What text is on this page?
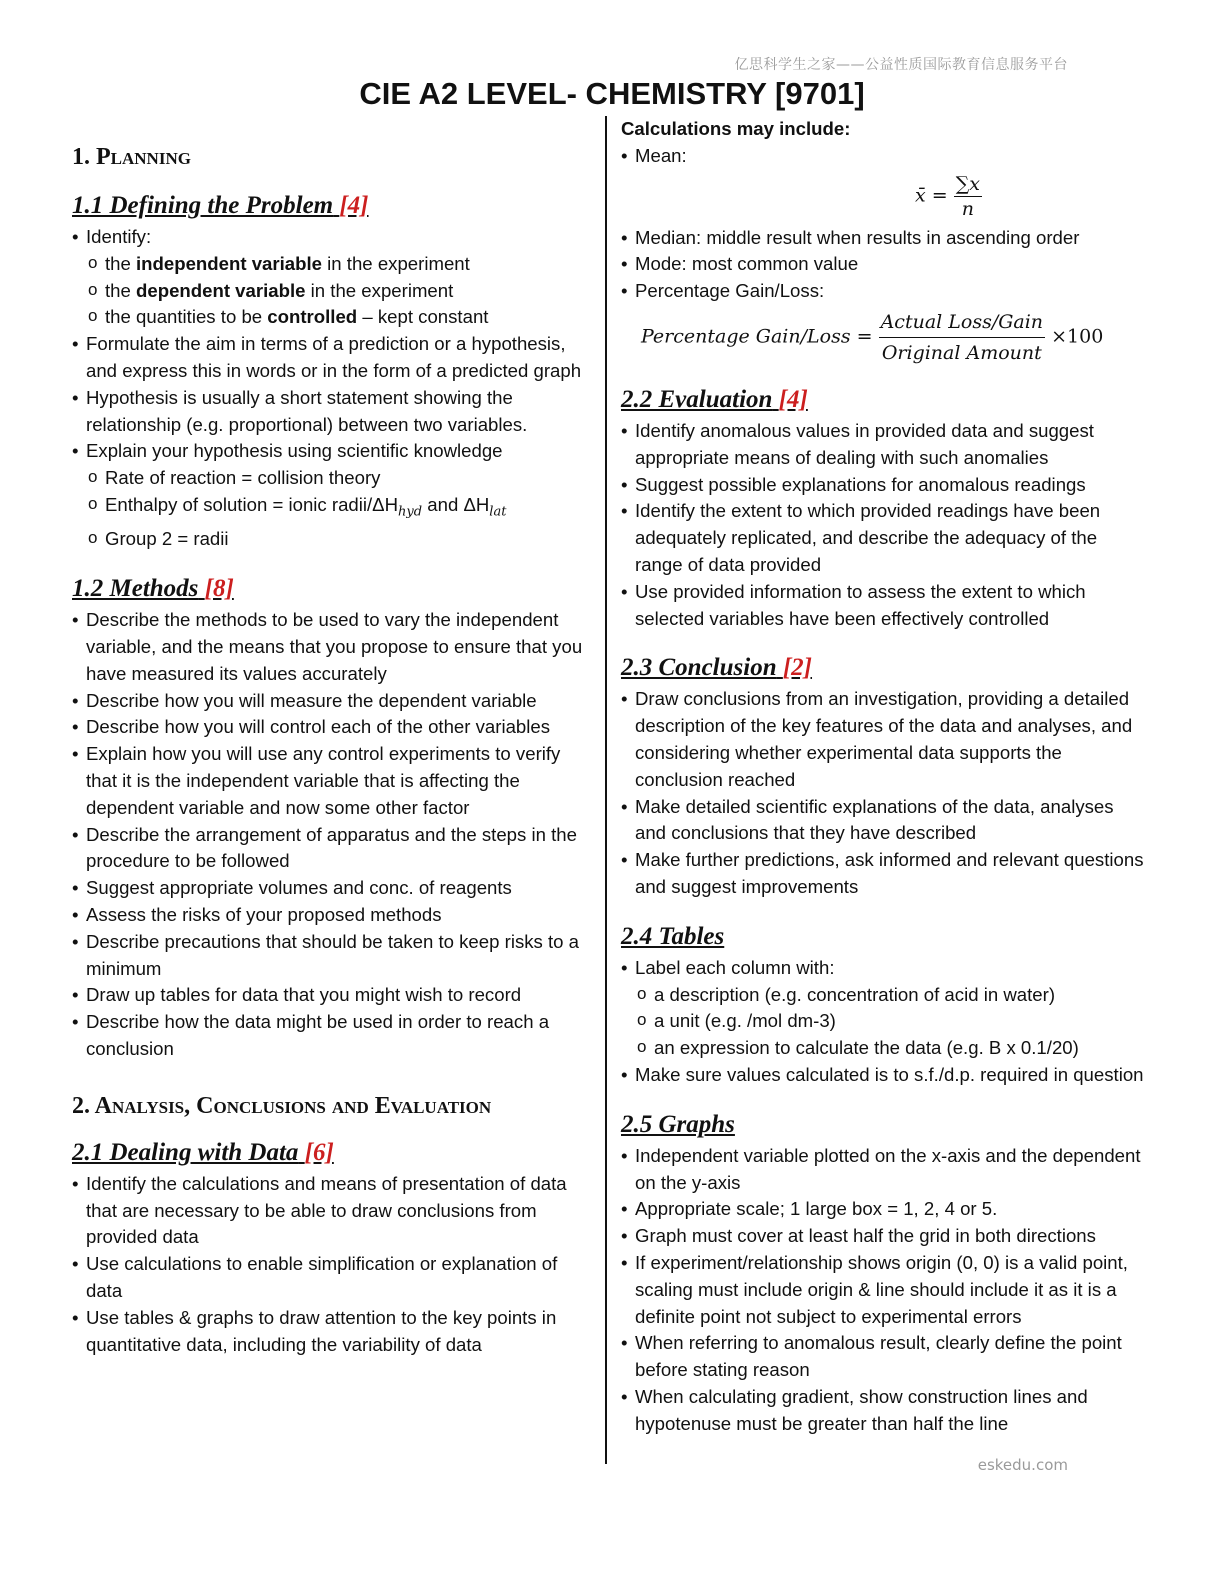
亿思科学生之家——公益性质国际教育信息服务平台
CIE A2 LEVEL- CHEMISTRY [9701]
1. Planning
1.1 Defining the Problem [4]
• Identify:
o the independent variable in the experiment
o the dependent variable in the experiment
o the quantities to be controlled – kept constant
• Formulate the aim in terms of a prediction or a hypothesis, and express this in words or in the form of a predicted graph
• Hypothesis is usually a short statement showing the relationship (e.g. proportional) between two variables.
• Explain your hypothesis using scientific knowledge
o Rate of reaction = collision theory
o Enthalpy of solution = ionic radii/$\Delta H_{hyd}$ and $\Delta H_{lat}$
o Group 2 = radii
1.2 Methods [8]
• Describe the methods to be used to vary the independent variable, and the means that you propose to ensure that you have measured its values accurately
• Describe how you will measure the dependent variable
• Describe how you will control each of the other variables
• Explain how you will use any control experiments to verify that it is the independent variable that is affecting the dependent variable and now some other factor
• Describe the arrangement of apparatus and the steps in the procedure to be followed
• Suggest appropriate volumes and conc. of reagents
• Assess the risks of your proposed methods
• Describe precautions that should be taken to keep risks to a minimum
• Draw up tables for data that you might wish to record
• Describe how the data might be used in order to reach a conclusion
2. Analysis, Conclusions and Evaluation
2.1 Dealing with Data [6]
• Identify the calculations and means of presentation of data that are necessary to be able to draw conclusions from provided data
• Use calculations to enable simplification or explanation of data
• Use tables & graphs to draw attention to the key points in quantitative data, including the variability of data
Calculations may include:
• Mean:
x̄ = $\frac{\sum x}{n}$
• Median: middle result when results in ascending order
• Mode: most common value
• Percentage Gain/Loss:
Percentage Gain/Loss = $\frac{\text{Actual Loss/Gain}}{\text{Original Amount}} \times 100$
2.2 Evaluation [4]
• Identify anomalous values in provided data and suggest appropriate means of dealing with such anomalies
• Suggest possible explanations for anomalous readings
• Identify the extent to which provided readings have been adequately replicated, and describe the adequacy of the range of data provided
• Use provided information to assess the extent to which selected variables have been effectively controlled
2.3 Conclusion [2]
• Draw conclusions from an investigation, providing a detailed description of the key features of the data and analyses, and considering whether experimental data supports the conclusion reached
• Make detailed scientific explanations of the data, analyses and conclusions that they have described
• Make further predictions, ask informed and relevant questions and suggest improvements
2.4 Tables
• Label each column with:
o a description (e.g. concentration of acid in water)
o a unit (e.g. /mol dm-3)
o an expression to calculate the data (e.g. B x 0.1/20)
• Make sure values calculated is to s.f./d.p. required in question
2.5 Graphs
• Independent variable plotted on the x-axis and the dependent on the y-axis
• Appropriate scale; 1 large box = 1, 2, 4 or 5.
• Graph must cover at least half the grid in both directions
• If experiment/relationship shows origin (0, 0) is a valid point, scaling must include origin & line should include it as it is a definite point not subject to experimental errors
• When referring to anomalous result, clearly define the point before stating reason
• When calculating gradient, show construction lines and hypotenuse must be greater than half the line
eskedu.com
